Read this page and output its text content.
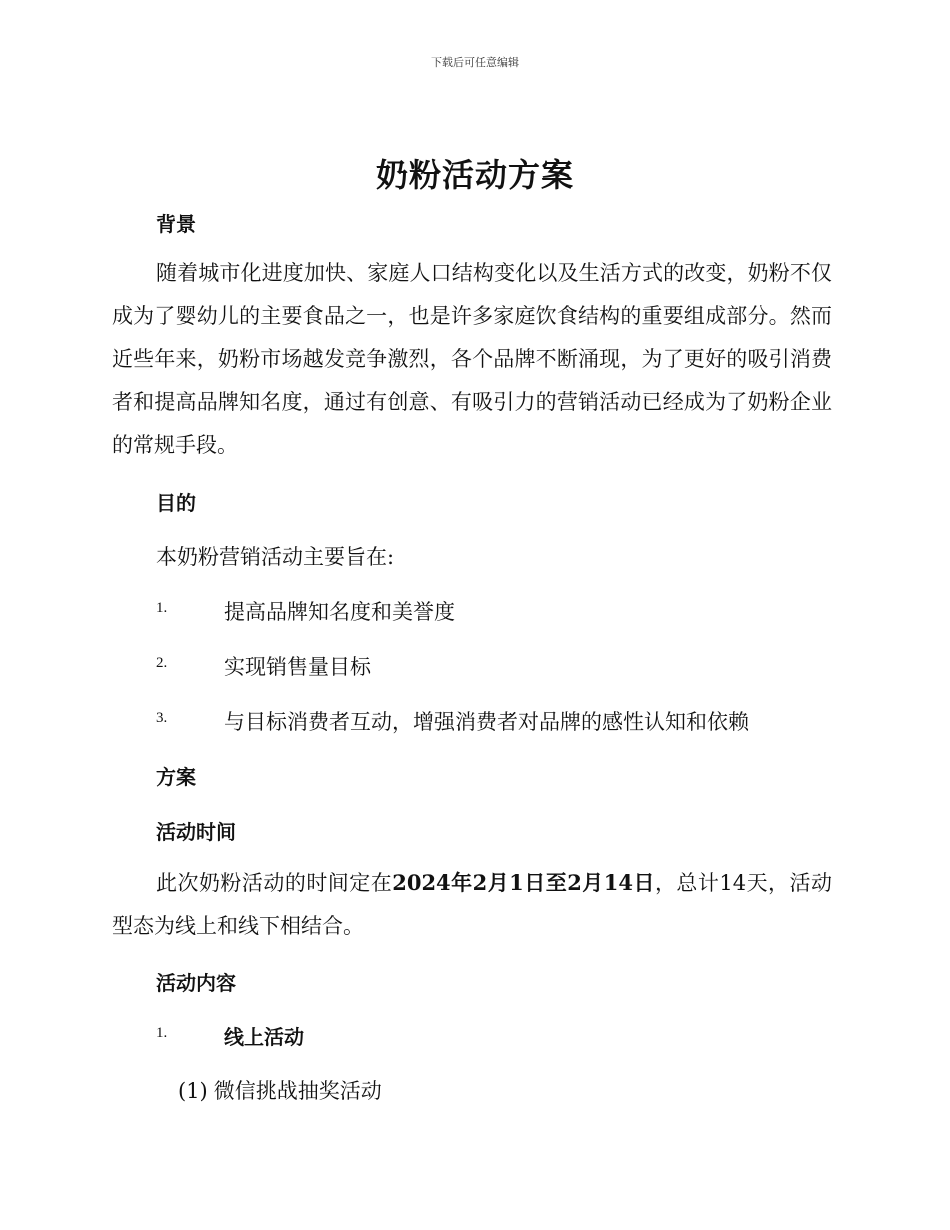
下载后可任意编辑
奶粉活动方案
背景
随着城市化进度加快、家庭人口结构变化以及生活方式的改变，奶粉不仅成为了婴幼儿的主要食品之一，也是许多家庭饮食结构的重要组成部分。然而近些年来，奶粉市场越发竞争激烈，各个品牌不断涌现，为了更好的吸引消费者和提高品牌知名度，通过有创意、有吸引力的营销活动已经成为了奶粉企业的常规手段。
目的
本奶粉营销活动主要旨在:
1.	提高品牌知名度和美誉度
2.	实现销售量目标
3.	与目标消费者互动，增强消费者对品牌的感性认知和依赖
方案
活动时间
此次奶粉活动的时间定在2024年2月1日至2月14日，总计14天，活动型态为线上和线下相结合。
活动内容
1.	线上活动
(1) 微信挑战抽奖活动
